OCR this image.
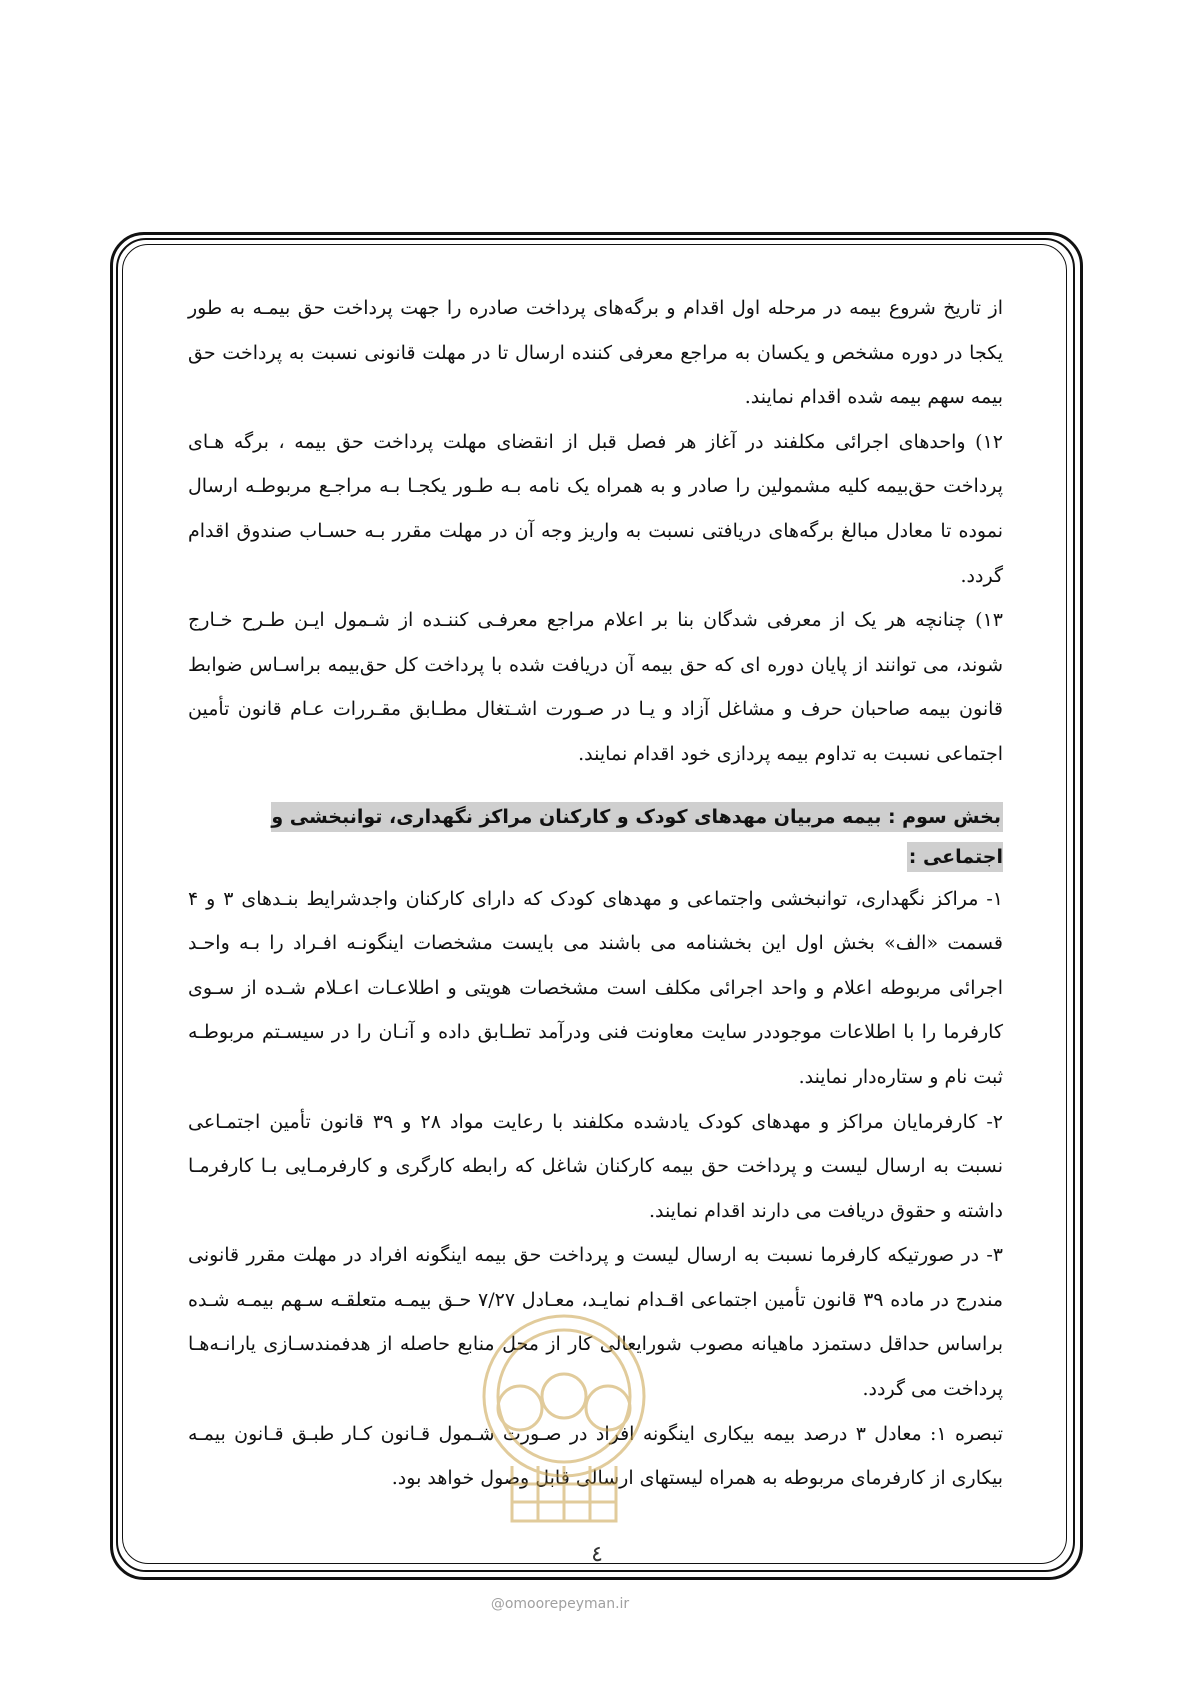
از تاریخ شروع بیمه در مرحله اول اقدام و برگه‌های پرداخت صادره را جهت پرداخت حق بیمـه به طور یکجا در دوره مشخص و یکسان به مراجع معرفی کننده ارسال تا در مهلت قانونی نسبت به پرداخت حق بیمه سهم بیمه شده اقدام نمایند.

۱۲) واحدهای اجرائی مکلفند در آغاز هر فصل قبل از انقضای مهلت پرداخت حق بیمه ، برگه هـای پرداخت حق‌بیمه کلیه مشمولین را صادر و به همراه یک نامه بـه طـور یکجـا بـه مراجـع مربوطـه ارسال نموده تا معادل مبالغ برگه‌های دریافتی نسبت به واریز وجه آن در مهلت مقرر بـه حسـاب صندوق اقدام گردد.

۱۳) چنانچه هر یک از معرفی شدگان بنا بر اعلام مراجع معرفـی کننـده از شـمول ایـن طـرح خـارج شوند، می توانند از پایان دوره ای که حق بیمه آن دریافت شده با پرداخت کل حق‌بیمه براسـاس ضوابط قانون بیمه صاحبان حرف و مشاغل آزاد و یـا در صـورت اشـتغال مطـابق مقـررات عـام قانون تأمین اجتماعی نسبت به تداوم بیمه پردازی خود اقدام نمایند.

بخش سوم : بیمه مربیان مهدهای کودک و کارکنان مراکز نگهداری، توانبخشی و اجتماعی :

۱- مراکز نگهداری، توانبخشی واجتماعی و مهدهای کودک که دارای کارکنان واجدشرایط بنـدهای ۳ و ۴ قسمت «الف» بخش اول این بخشنامه می باشند می بایست مشخصات اینگونـه افـراد را بـه واحـد اجرائی مربوطه اعلام و واحد اجرائی مکلف است مشخصات هویتی و اطلاعـات اعـلام شـده از سـوی کارفرما را با اطلاعات موجوددر سایت معاونت فنی ودرآمد تطـابق داده و آنـان را در سیسـتم مربوطـه ثبت نام و ستاره‌دار نمایند.

۲- کارفرمایان مراکز و مهدهای کودک یادشده مکلفند با رعایت مواد ۲۸ و ۳۹ قانون تأمین اجتمـاعی نسبت به ارسال لیست و پرداخت حق بیمه کارکنان شاغل که رابطه کارگری و کارفرمـایی بـا کارفرمـا داشته و حقوق دریافت می دارند اقدام نمایند.

۳- در صورتیکه کارفرما نسبت به ارسال لیست و پرداخت حق بیمه اینگونه افراد در مهلت مقرر قانونی مندرج در ماده ۳۹ قانون تأمین اجتماعی اقـدام نمایـد، معـادل ۷/۲۷ حـق بیمـه متعلقـه سـهم بیمـه شـده براساس حداقل دستمزد ماهیانه مصوب شورایعالی کار از محل منابع حاصله از هدفمندسـازی یارانـه‌هـا پرداخت می گردد.

تبصره ۱: معادل ۳ درصد بیمه بیکاری اینگونه افراد در صـورت شـمول قـانون کـار طبـق قـانون بیمـه بیکاری از کارفرمای مربوطه به همراه لیستهای ارسالی قابل وصول خواهد بود.

٤
@omoorepeyman.ir
